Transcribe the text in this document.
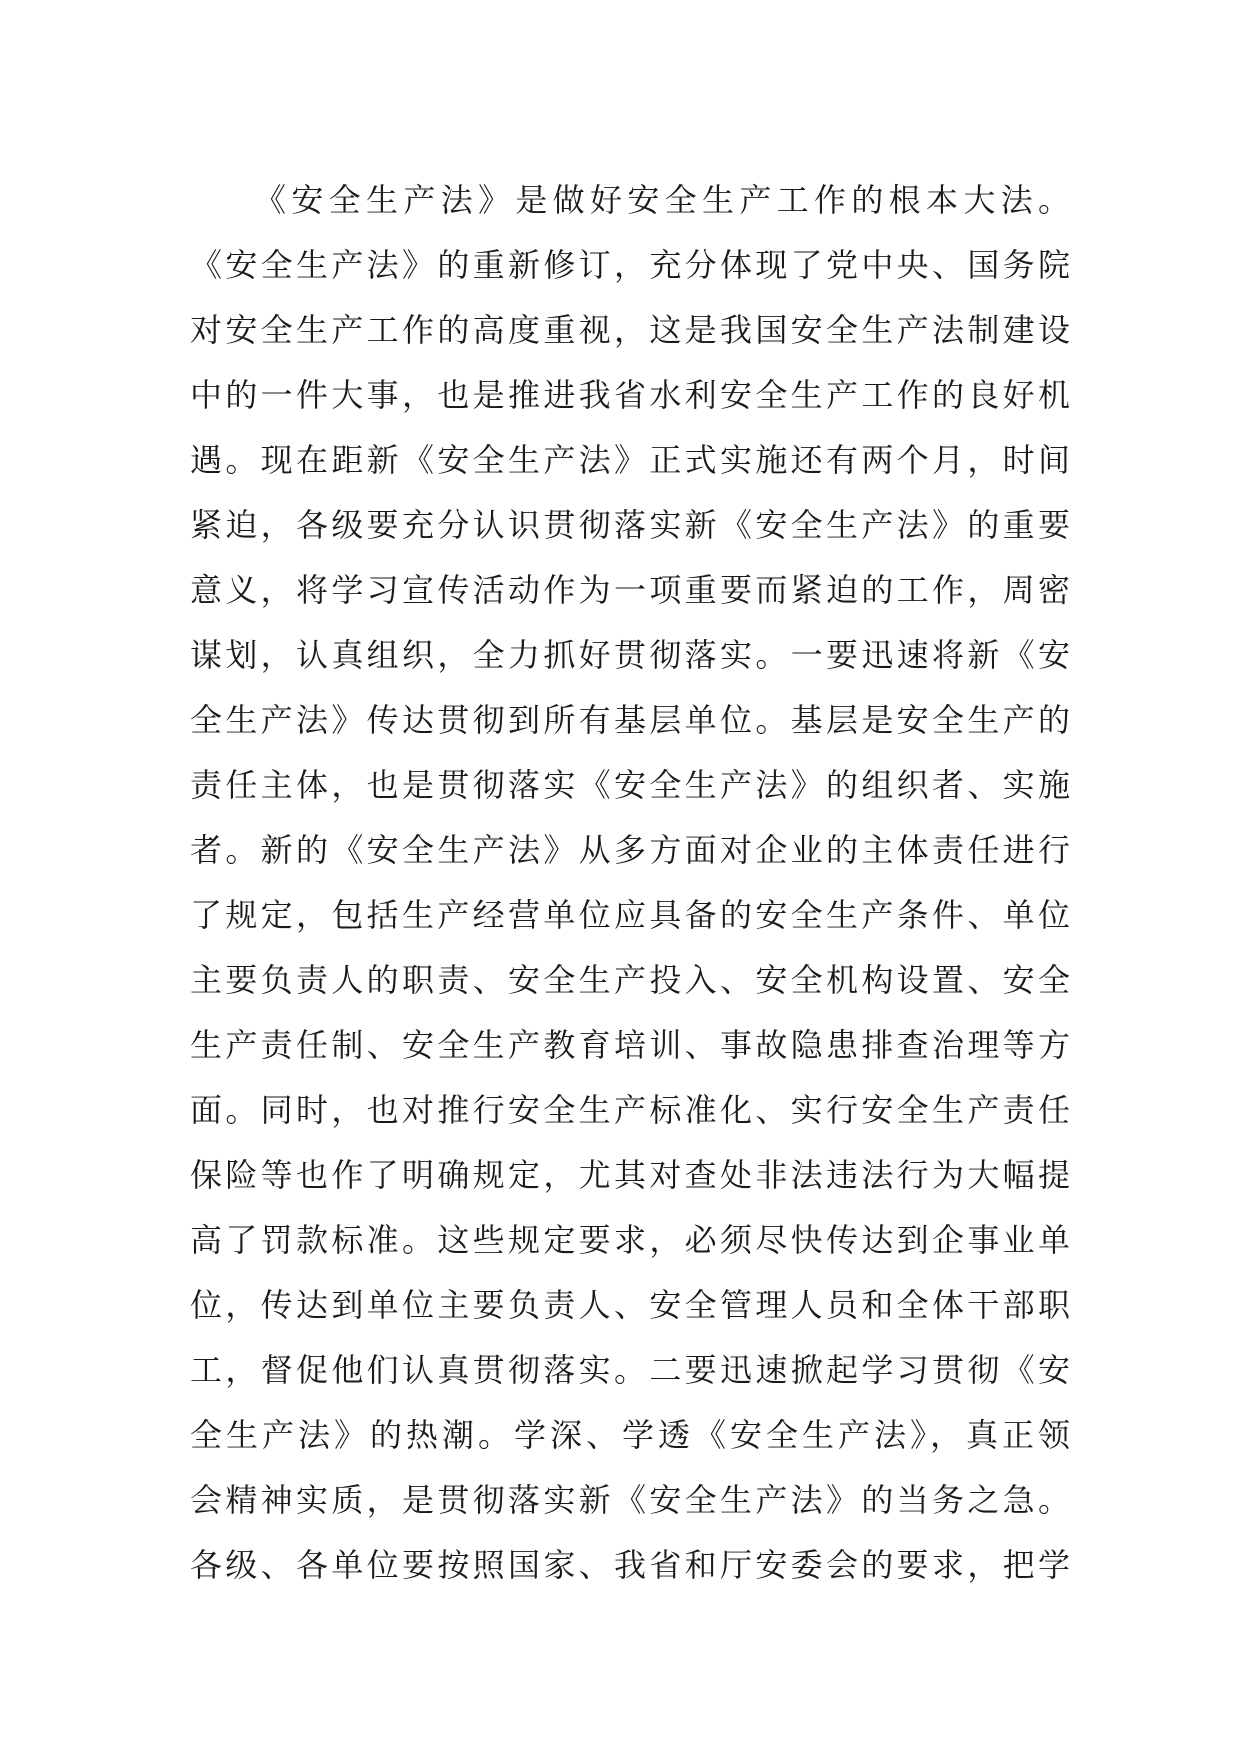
《安全生产法》是做好安全生产工作的根本大法。
《安全生产法》的重新修订，充分体现了党中央、国务院
对安全生产工作的高度重视，这是我国安全生产法制建设
中的一件大事，也是推进我省水利安全生产工作的良好机
遇。现在距新《安全生产法》正式实施还有两个月，时间
紧迫，各级要充分认识贯彻落实新《安全生产法》的重要
意义，将学习宣传活动作为一项重要而紧迫的工作，周密
谋划，认真组织，全力抓好贯彻落实。一要迅速将新《安
全生产法》传达贯彻到所有基层单位。基层是安全生产的
责任主体，也是贯彻落实《安全生产法》的组织者、实施
者。新的《安全生产法》从多方面对企业的主体责任进行
了规定，包括生产经营单位应具备的安全生产条件、单位
主要负责人的职责、安全生产投入、安全机构设置、安全
生产责任制、安全生产教育培训、事故隐患排查治理等方
面。同时，也对推行安全生产标准化、实行安全生产责任
保险等也作了明确规定，尤其对查处非法违法行为大幅提
高了罚款标准。这些规定要求，必须尽快传达到企事业单
位，传达到单位主要负责人、安全管理人员和全体干部职
工，督促他们认真贯彻落实。二要迅速掀起学习贯彻《安
全生产法》的热潮。学深、学透《安全生产法》，真正领
会精神实质，是贯彻落实新《安全生产法》的当务之急。
各级、各单位要按照国家、我省和厅安委会的要求，把学
